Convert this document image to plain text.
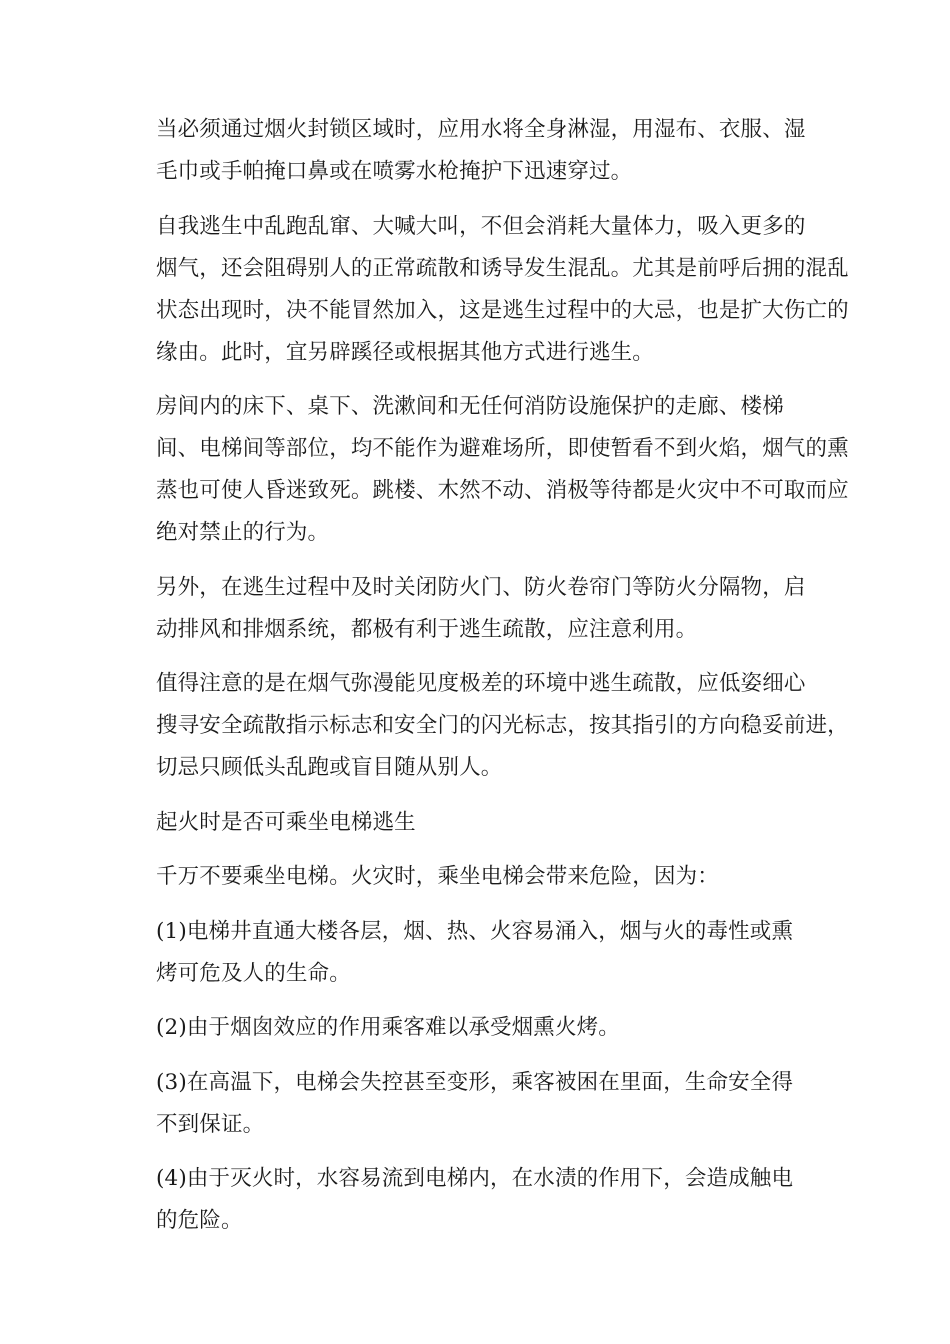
当必须通过烟火封锁区域时，应用水将全身淋湿，用湿布、衣服、湿
毛巾或手帕掩口鼻或在喷雾水枪掩护下迅速穿过。

自我逃生中乱跑乱窜、大喊大叫，不但会消耗大量体力，吸入更多的
烟气，还会阻碍别人的正常疏散和诱导发生混乱。尤其是前呼后拥的混乱
状态出现时，决不能冒然加入，这是逃生过程中的大忌，也是扩大伤亡的
缘由。此时，宜另辟蹊径或根据其他方式进行逃生。

房间内的床下、桌下、洗漱间和无任何消防设施保护的走廊、楼梯
间、电梯间等部位，均不能作为避难场所，即使暂看不到火焰，烟气的熏
蒸也可使人昏迷致死。跳楼、木然不动、消极等待都是火灾中不可取而应
绝对禁止的行为。

另外，在逃生过程中及时关闭防火门、防火卷帘门等防火分隔物，启
动排风和排烟系统，都极有利于逃生疏散，应注意利用。

值得注意的是在烟气弥漫能见度极差的环境中逃生疏散，应低姿细心
搜寻安全疏散指示标志和安全门的闪光标志，按其指引的方向稳妥前进，
切忌只顾低头乱跑或盲目随从别人。

起火时是否可乘坐电梯逃生

千万不要乘坐电梯。火灾时，乘坐电梯会带来危险，因为：

(1)电梯井直通大楼各层，烟、热、火容易涌入，烟与火的毒性或熏
烤可危及人的生命。

(2)由于烟囱效应的作用乘客难以承受烟熏火烤。

(3)在高温下，电梯会失控甚至变形，乘客被困在里面，生命安全得
不到保证。

(4)由于灭火时，水容易流到电梯内，在水渍的作用下，会造成触电
的危险。
